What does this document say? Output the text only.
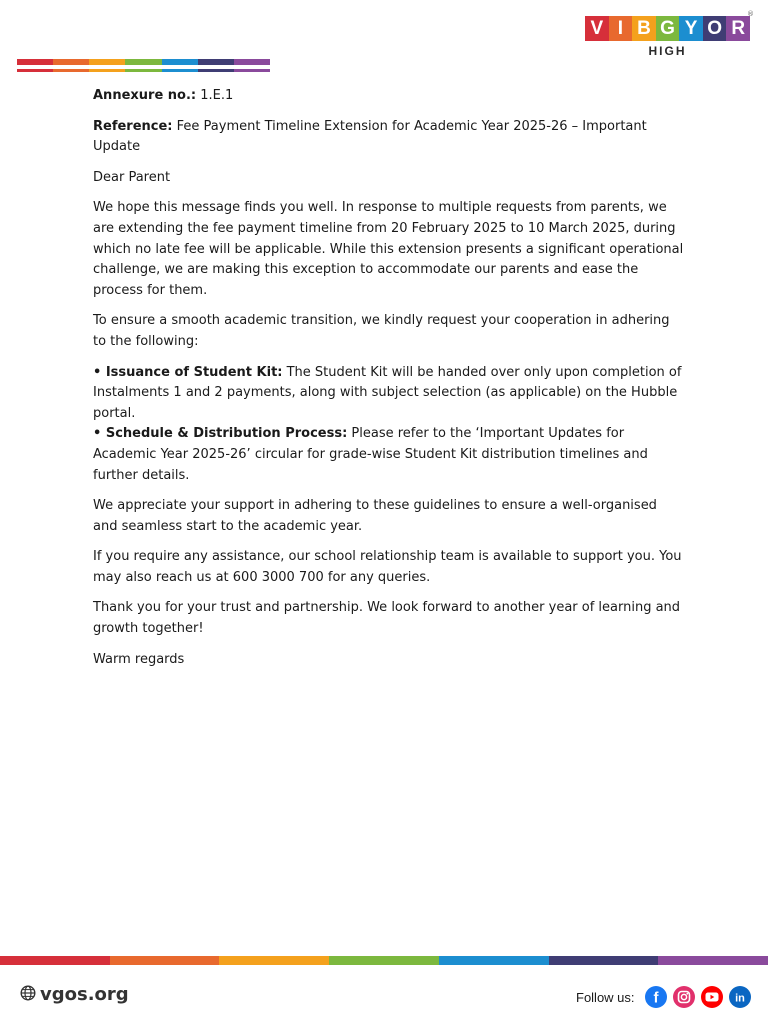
®
V I B G Y O R
HIGH

Annexure no.: 1.E.1

Reference: Fee Payment Timeline Extension for Academic Year 2025-26 – Important Update

Dear Parent

We hope this message finds you well. In response to multiple requests from parents, we are extending the fee payment timeline from 20 February 2025 to 10 March 2025, during which no late fee will be applicable. While this extension presents a significant operational challenge, we are making this exception to accommodate our parents and ease the process for them.

To ensure a smooth academic transition, we kindly request your cooperation in adhering to the following:

• Issuance of Student Kit: The Student Kit will be handed over only upon completion of Instalments 1 and 2 payments, along with subject selection (as applicable) on the Hubble portal.
• Schedule & Distribution Process: Please refer to the ‘Important Updates for Academic Year 2025-26’ circular for grade-wise Student Kit distribution timelines and further details.

We appreciate your support in adhering to these guidelines to ensure a well-organised and seamless start to the academic year.

If you require any assistance, our school relationship team is available to support you. You may also reach us at 600 3000 700 for any queries.

Thank you for your trust and partnership. We look forward to another year of learning and growth together!

Warm regards

vgos.org	Follow us: f	in
